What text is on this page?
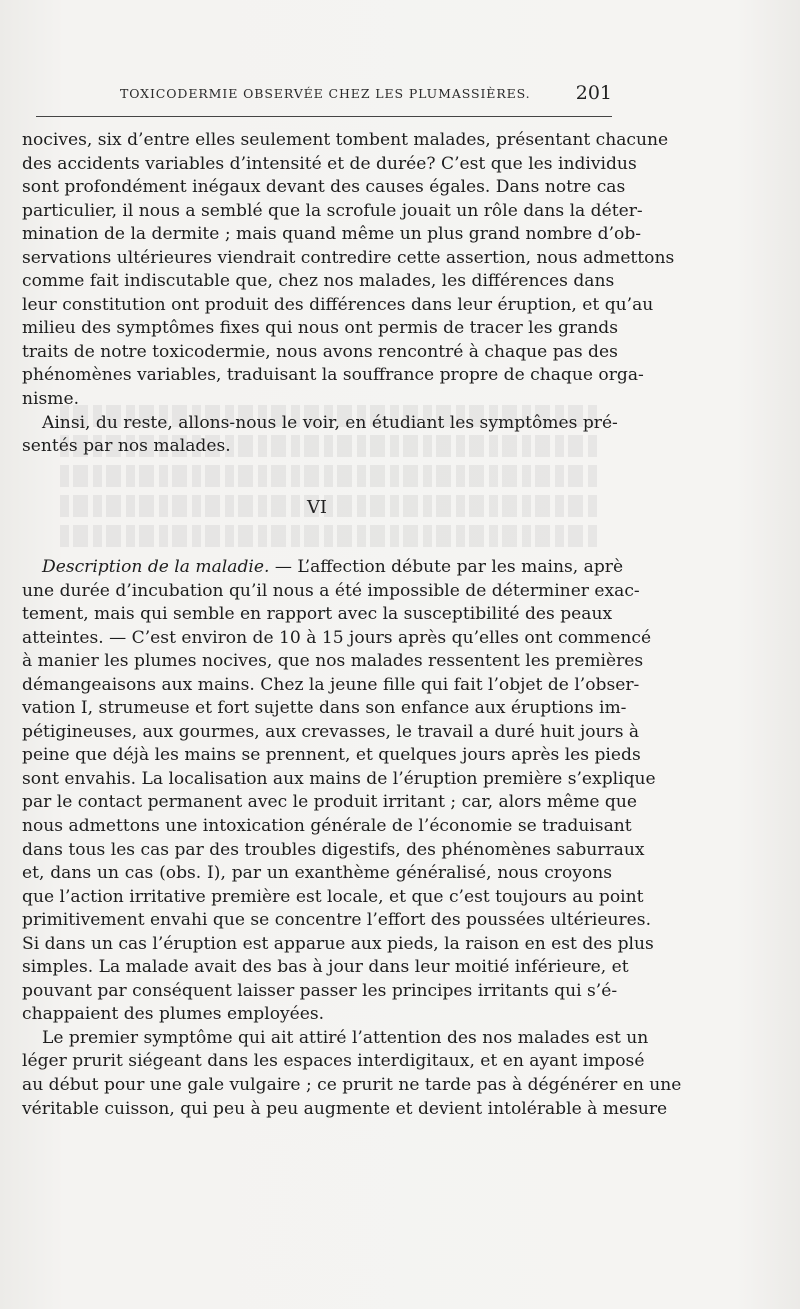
TOXICODERMIE OBSERVÉE CHEZ LES PLUMASSIÈRES. 201
nocives, six d’entre elles seulement tombent malades, présentant chacune
des accidents variables d’intensité et de durée? C’est que les individus
sont profondément inégaux devant des causes égales. Dans notre cas
particulier, il nous a semblé que la scrofule jouait un rôle dans la déter-
mination de la dermite ; mais quand même un plus grand nombre d’ob-
servations ultérieures viendrait contredire cette assertion, nous admettons
comme fait indiscutable que, chez nos malades, les différences dans
leur constitution ont produit des différences dans leur éruption, et qu’au
milieu des symptômes fixes qui nous ont permis de tracer les grands
traits de notre toxicodermie, nous avons rencontré à chaque pas des
phénomènes variables, traduisant la souffrance propre de chaque orga-
nisme.
Ainsi, du reste, allons-nous le voir, en étudiant les symptômes pré-
sentés par nos malades.
VI
Description de la maladie. — L’affection débute par les mains, aprè
une durée d’incubation qu’il nous a été impossible de déterminer exac-
tement, mais qui semble en rapport avec la susceptibilité des peaux
atteintes. — C’est environ de 10 à 15 jours après qu’elles ont commencé
à manier les plumes nocives, que nos malades ressentent les premières
démangeaisons aux mains. Chez la jeune fille qui fait l’objet de l’obser-
vation I, strumeuse et fort sujette dans son enfance aux éruptions im-
pétigineuses, aux gourmes, aux crevasses, le travail a duré huit jours à
peine que déjà les mains se prennent, et quelques jours après les pieds
sont envahis. La localisation aux mains de l’éruption première s’explique
par le contact permanent avec le produit irritant ; car, alors même que
nous admettons une intoxication générale de l’économie se traduisant
dans tous les cas par des troubles digestifs, des phénomènes saburraux
et, dans un cas (obs. I), par un exanthème généralisé, nous croyons
que l’action irritative première est locale, et que c’est toujours au point
primitivement envahi que se concentre l’effort des poussées ultérieures.
Si dans un cas l’éruption est apparue aux pieds, la raison en est des plus
simples. La malade avait des bas à jour dans leur moitié inférieure, et
pouvant par conséquent laisser passer les principes irritants qui s’é-
chappaient des plumes employées.
Le premier symptôme qui ait attiré l’attention des nos malades est un
léger prurit siégeant dans les espaces interdigitaux, et en ayant imposé
au début pour une gale vulgaire ; ce prurit ne tarde pas à dégénérer en une
véritable cuisson, qui peu à peu augmente et devient intolérable à mesure
